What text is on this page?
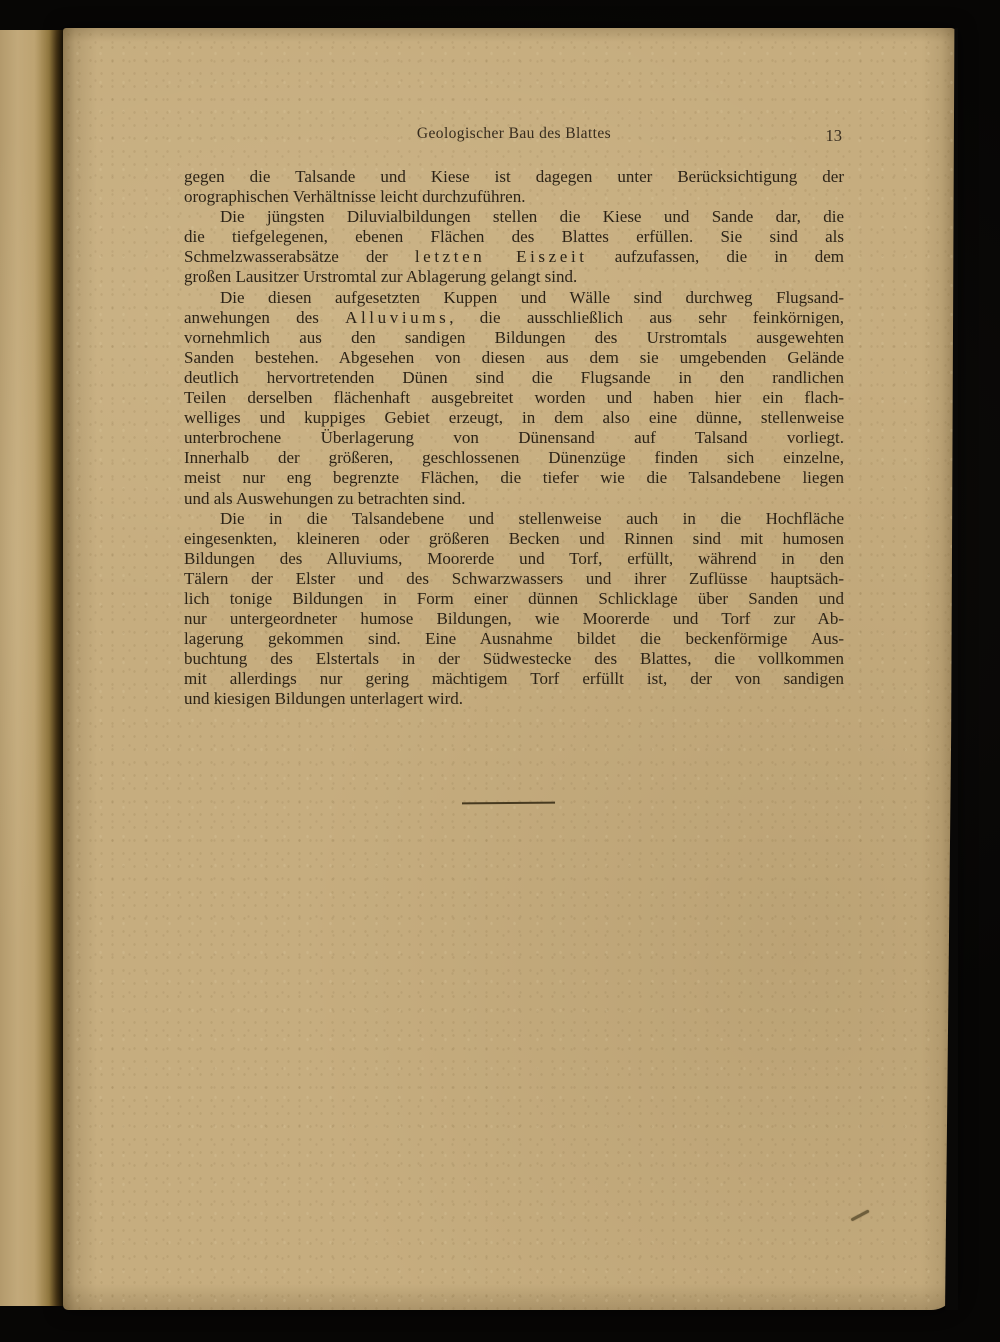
Geologischer Bau des Blattes	13
gegen die Talsande und Kiese ist dagegen unter Berücksichtigung der
orographischen Verhältnisse leicht durchzuführen.
Die jüngsten Diluvialbildungen stellen die Kiese und Sande dar, die
die tiefgelegenen, ebenen Flächen des Blattes erfüllen. Sie sind als
Schmelzwasserabsätze der letzten Eiszeit aufzufassen, die in dem
großen Lausitzer Urstromtal zur Ablagerung gelangt sind.
Die diesen aufgesetzten Kuppen und Wälle sind durchweg Flugsand-
anwehungen des Alluviums, die ausschließlich aus sehr feinkörnigen,
vornehmlich aus den sandigen Bildungen des Urstromtals ausgewehten
Sanden bestehen. Abgesehen von diesen aus dem sie umgebenden Gelände
deutlich hervortretenden Dünen sind die Flugsande in den randlichen
Teilen derselben flächenhaft ausgebreitet worden und haben hier ein flach-
welliges und kuppiges Gebiet erzeugt, in dem also eine dünne, stellenweise
unterbrochene Überlagerung von Dünensand auf Talsand vorliegt.
Innerhalb der größeren, geschlossenen Dünenzüge finden sich einzelne,
meist nur eng begrenzte Flächen, die tiefer wie die Talsandebene liegen
und als Auswehungen zu betrachten sind.
Die in die Talsandebene und stellenweise auch in die Hochfläche
eingesenkten, kleineren oder größeren Becken und Rinnen sind mit humosen
Bildungen des Alluviums, Moorerde und Torf, erfüllt, während in den
Tälern der Elster und des Schwarzwassers und ihrer Zuflüsse hauptsäch-
lich tonige Bildungen in Form einer dünnen Schlicklage über Sanden und
nur untergeordneter humose Bildungen, wie Moorerde und Torf zur Ab-
lagerung gekommen sind. Eine Ausnahme bildet die beckenförmige Aus-
buchtung des Elstertals in der Südwestecke des Blattes, die vollkommen
mit allerdings nur gering mächtigem Torf erfüllt ist, der von sandigen
und kiesigen Bildungen unterlagert wird.
